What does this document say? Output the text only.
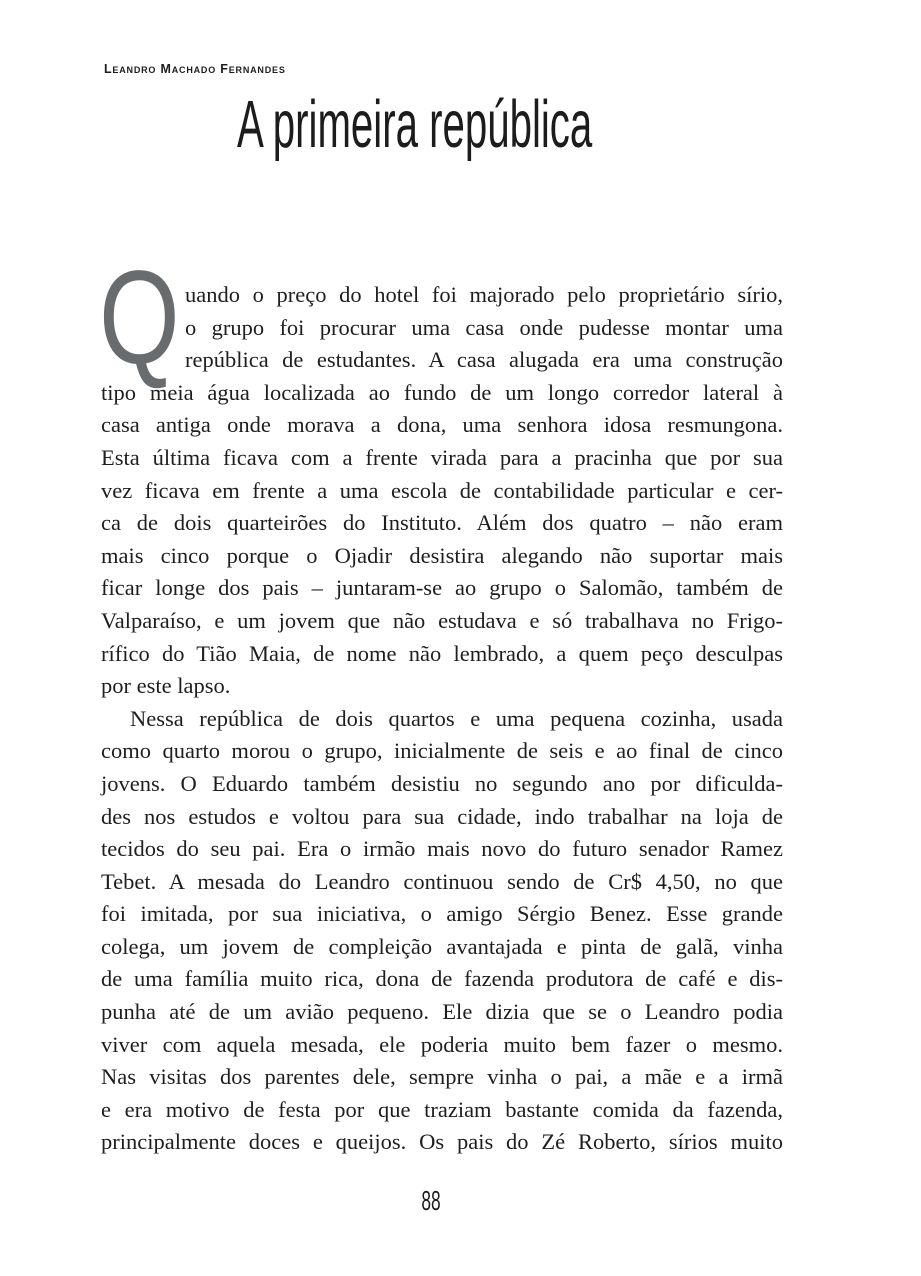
Leandro Machado Fernandes
A primeira república
Q uando o preço do hotel foi majorado pelo proprietário sírio,
o grupo foi procurar uma casa onde pudesse montar uma
república de estudantes. A casa alugada era uma construção
tipo meia água localizada ao fundo de um longo corredor lateral à
casa antiga onde morava a dona, uma senhora idosa resmungona.
Esta última ficava com a frente virada para a pracinha que por sua
vez ficava em frente a uma escola de contabilidade particular e cer-
ca de dois quarteirões do Instituto. Além dos quatro – não eram
mais cinco porque o Ojadir desistira alegando não suportar mais
ficar longe dos pais – juntaram-se ao grupo o Salomão, também de
Valparaíso, e um jovem que não estudava e só trabalhava no Frigo-
rífico do Tião Maia, de nome não lembrado, a quem peço desculpas
por este lapso.
Nessa república de dois quartos e uma pequena cozinha, usada
como quarto morou o grupo, inicialmente de seis e ao final de cinco
jovens. O Eduardo também desistiu no segundo ano por dificulda-
des nos estudos e voltou para sua cidade, indo trabalhar na loja de
tecidos do seu pai. Era o irmão mais novo do futuro senador Ramez
Tebet. A mesada do Leandro continuou sendo de Cr$ 4,50, no que
foi imitada, por sua iniciativa, o amigo Sérgio Benez. Esse grande
colega, um jovem de compleição avantajada e pinta de galã, vinha
de uma família muito rica, dona de fazenda produtora de café e dis-
punha até de um avião pequeno. Ele dizia que se o Leandro podia
viver com aquela mesada, ele poderia muito bem fazer o mesmo.
Nas visitas dos parentes dele, sempre vinha o pai, a mãe e a irmã
e era motivo de festa por que traziam bastante comida da fazenda,
principalmente doces e queijos. Os pais do Zé Roberto, sírios muito
88
